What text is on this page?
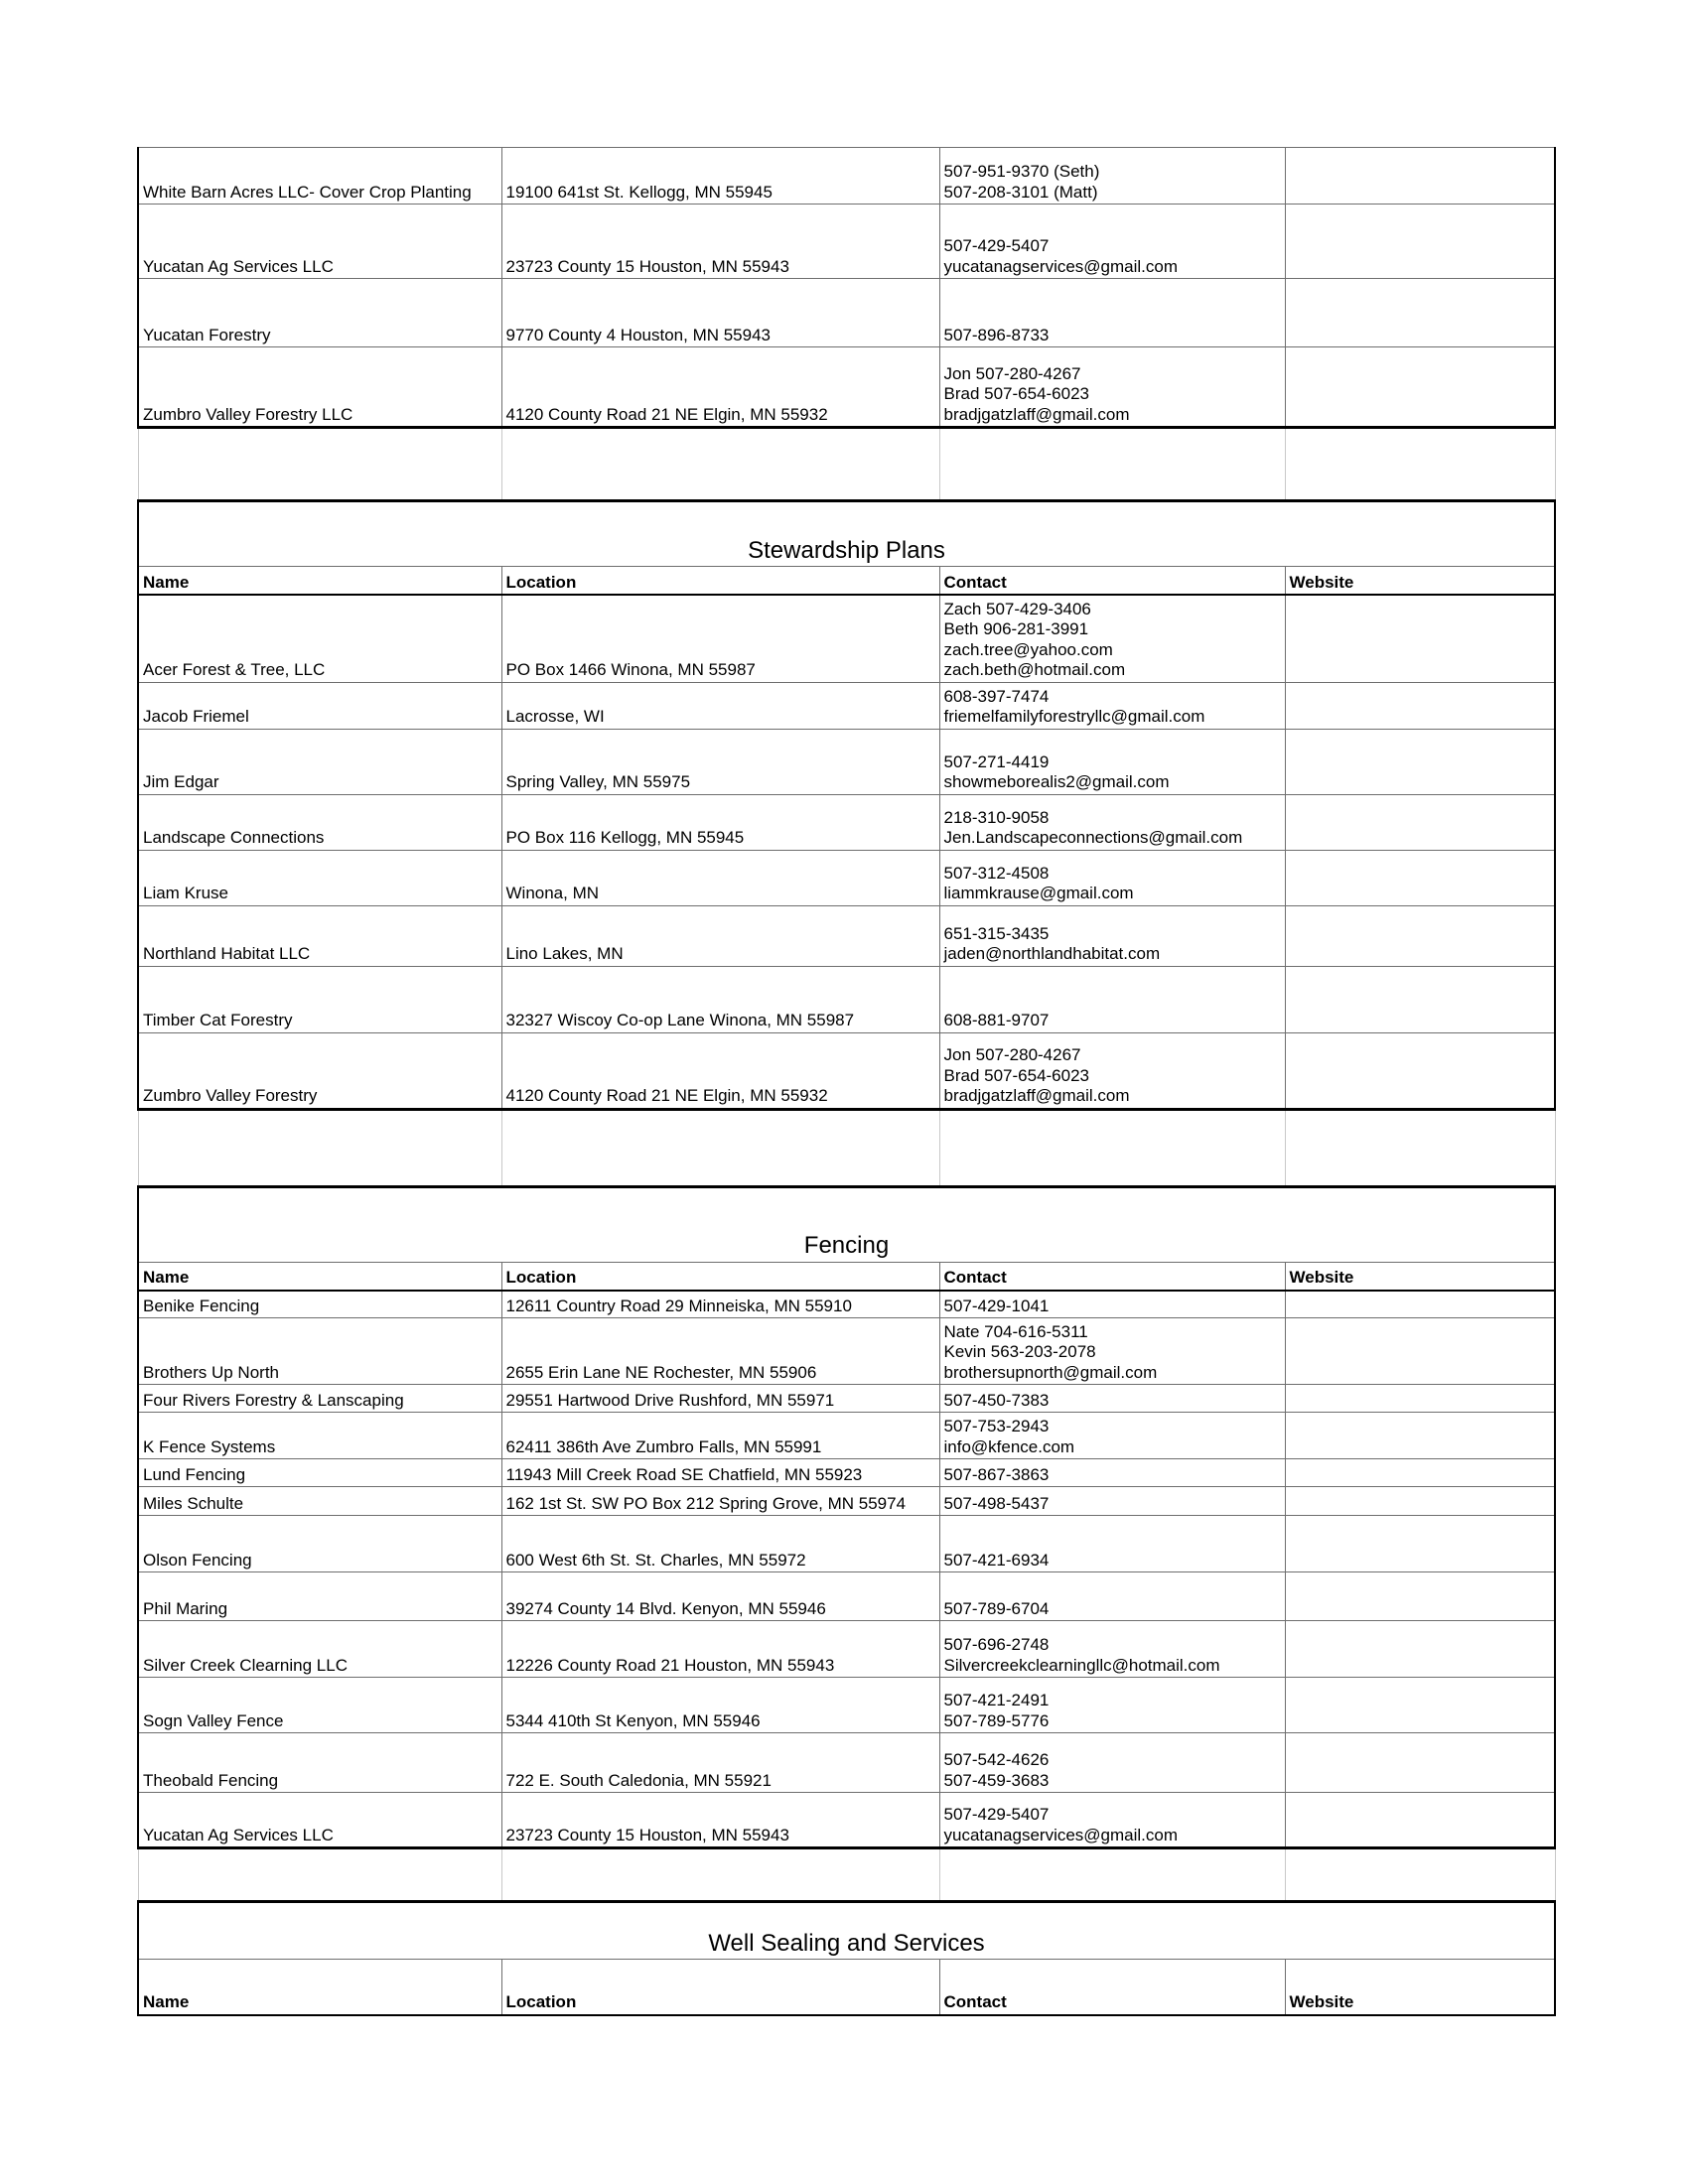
White Barn Acres LLC- Cover Crop Planting	19100 641st St. Kellogg, MN 55945	507-951-9370 (Seth)
507-208-3101 (Matt)	
Yucatan Ag Services LLC	23723 County 15 Houston, MN 55943	507-429-5407
yucatanagservices@gmail.com	
Yucatan Forestry	9770 County 4 Houston, MN 55943	507-896-8733	
Zumbro Valley Forestry LLC	4120 County Road 21 NE Elgin, MN 55932	Jon 507-280-4267
Brad 507-654-6023
bradjgatzlaff@gmail.com	

Stewardship Plans			
Name	Location	Contact	Website
Acer Forest & Tree, LLC	PO Box 1466 Winona, MN 55987	Zach 507-429-3406
Beth 906-281-3991
zach.tree@yahoo.com
zach.beth@hotmail.com	
Jacob Friemel	Lacrosse, WI	608-397-7474
friemelfamilyforestryllc@gmail.com	
Jim Edgar	Spring Valley, MN 55975	507-271-4419
showmeborealis2@gmail.com	
Landscape Connections	PO Box 116 Kellogg, MN 55945	218-310-9058
Jen.Landscapeconnections@gmail.com	
Liam Kruse	Winona, MN	507-312-4508
liammkrause@gmail.com	
Northland Habitat LLC	Lino Lakes, MN	651-315-3435
jaden@northlandhabitat.com	
Timber Cat Forestry	32327 Wiscoy Co-op Lane Winona, MN 55987	608-881-9707	
Zumbro Valley Forestry	4120 County Road 21 NE Elgin, MN 55932	Jon 507-280-4267
Brad 507-654-6023
bradjgatzlaff@gmail.com	

Fencing			
Name	Location	Contact	Website
Benike Fencing	12611 Country Road 29 Minneiska, MN 55910	507-429-1041	
Brothers Up North	2655 Erin Lane NE Rochester, MN 55906	Nate 704-616-5311
Kevin 563-203-2078
brothersupnorth@gmail.com	
Four Rivers Forestry & Lanscaping	29551 Hartwood Drive Rushford, MN 55971	507-450-7383	
K Fence Systems	62411 386th Ave Zumbro Falls, MN 55991	507-753-2943
info@kfence.com	
Lund Fencing	11943 Mill Creek Road SE Chatfield, MN 55923	507-867-3863	
Miles Schulte	162 1st St. SW PO Box 212 Spring Grove, MN 55974	507-498-5437	
Olson Fencing	600 West 6th St. St. Charles, MN 55972	507-421-6934	
Phil Maring	39274 County 14 Blvd. Kenyon, MN 55946	507-789-6704	
Silver Creek Clearning LLC	12226 County Road 21 Houston, MN 55943	507-696-2748
Silvercreekclearningllc@hotmail.com	
Sogn Valley Fence	5344 410th St Kenyon, MN 55946	507-421-2491
507-789-5776	
Theobald Fencing	722 E. South Caledonia, MN 55921	507-542-4626
507-459-3683	
Yucatan Ag Services LLC	23723 County 15 Houston, MN 55943	507-429-5407
yucatanagservices@gmail.com	

Well Sealing and Services			
Name	Location	Contact	Website
